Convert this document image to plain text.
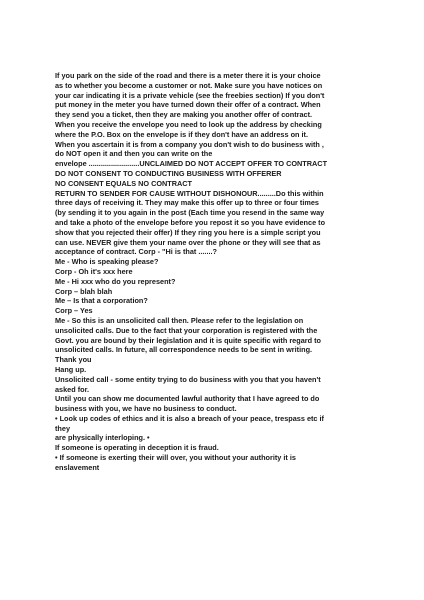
If you park on the side of the road and there is a meter there it is your choice
as to whether you become a customer or not. Make sure you have notices on
your car indicating it is a private vehicle (see the freebies section) If you don't
put money in the meter you have turned down their offer of a contract. When
they send you a ticket, then they are making you another offer of contract.
When you receive the envelope you need to look up the address by checking
where the P.O. Box on the envelope is if they don't have an address on it.
When you ascertain it is from a company you don't wish to do business with ,
do NOT open it and then you can write on the
envelope .........................UNCLAIMED DO NOT ACCEPT OFFER TO CONTRACT
DO NOT CONSENT TO CONDUCTING BUSINESS WITH OFFERER
NO CONSENT EQUALS NO CONTRACT
RETURN TO SENDER FOR CAUSE WITHOUT DISHONOUR.........Do this within
three days of receiving it. They may make this offer up to three or four times
(by sending it to you again in the post (Each time you resend in the same way
and take a photo of the envelope before you repost it so you have evidence to
show that you rejected their offer) If they ring you here is a simple script you
can use. NEVER give them your name over the phone or they will see that as
acceptance of contract. Corp - "Hi is that .......?
Me - Who is speaking please?
Corp - Oh it's xxx here
Me - Hi xxx who do you represent?
Corp – blah blah
Me – Is that a corporation?
Corp – Yes
Me - So this is an unsolicited call then. Please refer to the legislation on
unsolicited calls. Due to the fact that your corporation is registered with the
Govt. you are bound by their legislation and it is quite specific with regard to
unsolicited calls. In future, all correspondence needs to be sent in writing.
Thank you
Hang up.
Unsolicited call - some entity trying to do business with you that you haven't
asked for.
Until you can show me documented lawful authority that I have agreed to do
business with you, we have no business to conduct.
• Look up codes of ethics and it is also a breach of your peace, trespass etc if
they
are physically interloping. •
If someone is operating in deception it is fraud.
• If someone is exerting their will over, you without your authority it is
enslavement
